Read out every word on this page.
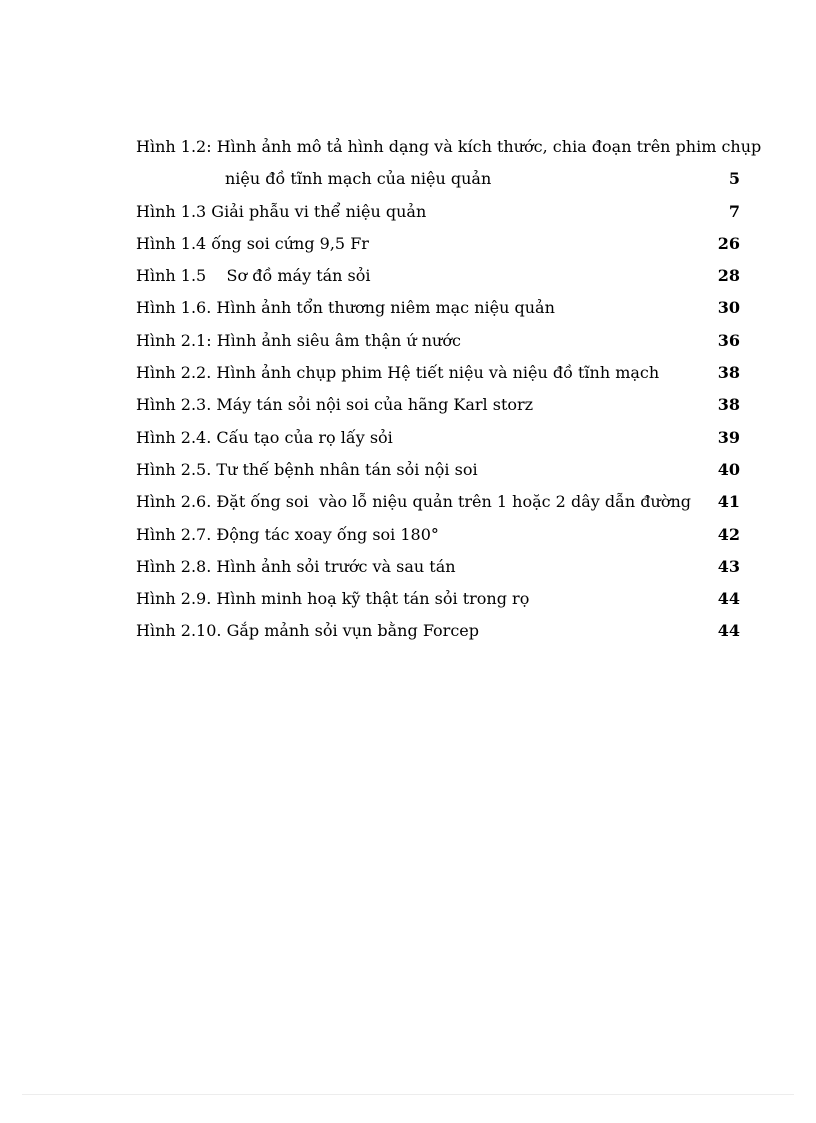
Hình 1.2: Hình ảnh mô tả hình dạng và kích thước, chia đoạn trên phim chụp
niệu đồ tĩnh mạch của niệu quản	5
Hình 1.3 Giải phẫu vi thể niệu quản	7
Hình 1.4 ống soi cứng 9,5 Fr	26
Hình 1.5    Sơ đồ máy tán sỏi	28
Hình 1.6. Hình ảnh tổn thương niêm mạc niệu quản	30
Hình 2.1: Hình ảnh siêu âm thận ứ nước	36
Hình 2.2. Hình ảnh chụp phim Hệ tiết niệu và niệu đồ tĩnh mạch	38
Hình 2.3. Máy tán sỏi nội soi của hãng Karl storz	38
Hình 2.4. Cấu tạo của rọ lấy sỏi	39
Hình 2.5. Tư thế bệnh nhân tán sỏi nội soi	40
Hình 2.6. Đặt ống soi  vào lỗ niệu quản trên 1 hoặc 2 dây dẫn đường 41
Hình 2.7. Động tác xoay ống soi 180°	42
Hình 2.8. Hình ảnh sỏi trước và sau tán	43
Hình 2.9. Hình minh hoạ kỹ thật tán sỏi trong rọ	44
Hình 2.10. Gắp mảnh sỏi vụn bằng Forcep	44
